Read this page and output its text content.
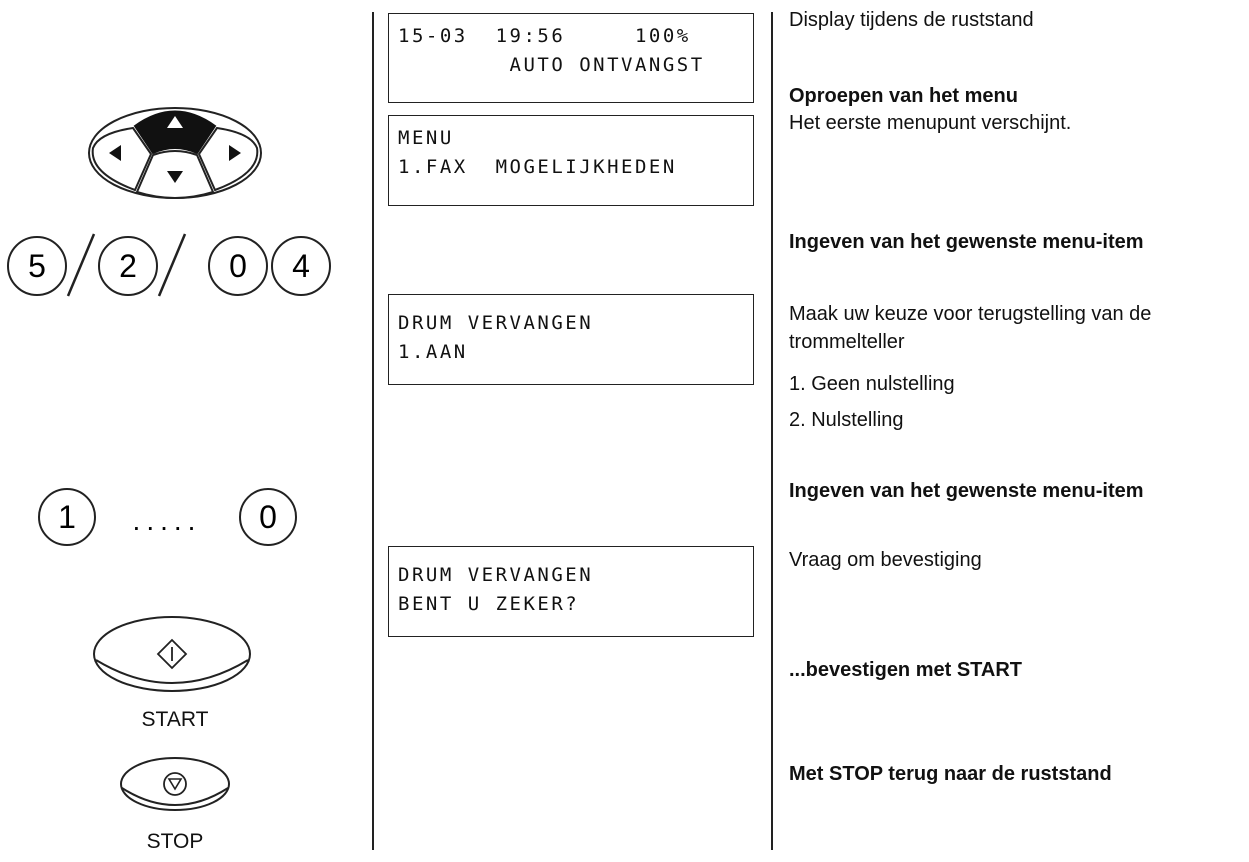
5 2	0 4
1 ..... 0
START
STOP
15-03  19:56     100%
AUTO ONTVANGST
MENU
1.FAX  MOGELIJKHEDEN
DRUM VERVANGEN
1.AAN
DRUM VERVANGEN
BENT U ZEKER?
Display tijdens de ruststand
Oproepen van het menu
Het eerste menupunt verschijnt.
Ingeven van het gewenste menu-item
Maak uw keuze voor terugstelling van de
trommelteller
1. Geen nulstelling
2. Nulstelling
Ingeven van het gewenste menu-item
Vraag om bevestiging
...bevestigen met START
Met STOP terug naar de ruststand
